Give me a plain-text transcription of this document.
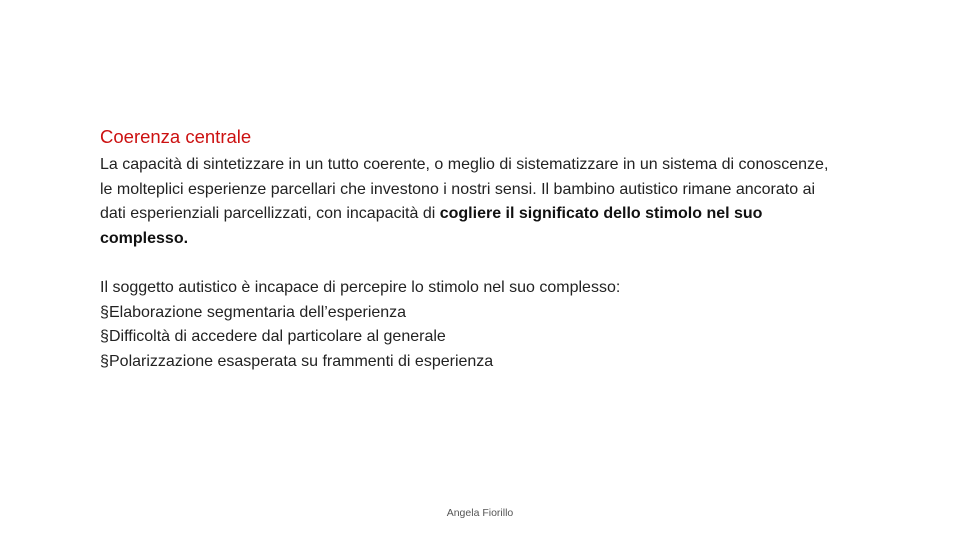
Coerenza centrale

La capacità di sintetizzare in un tutto coerente, o meglio di sistematizzare in un sistema di conoscenze, le molteplici esperienze parcellari che investono i nostri sensi. Il bambino autistico rimane ancorato ai dati esperienziali parcellizzati, con incapacità di cogliere il significato dello stimolo nel suo complesso.

Il soggetto autistico è incapace di percepire lo stimolo nel suo complesso:
§Elaborazione segmentaria dell’esperienza
§Difficoltà di accedere dal particolare al generale
§Polarizzazione esasperata su frammenti di esperienza
Angela Fiorillo
